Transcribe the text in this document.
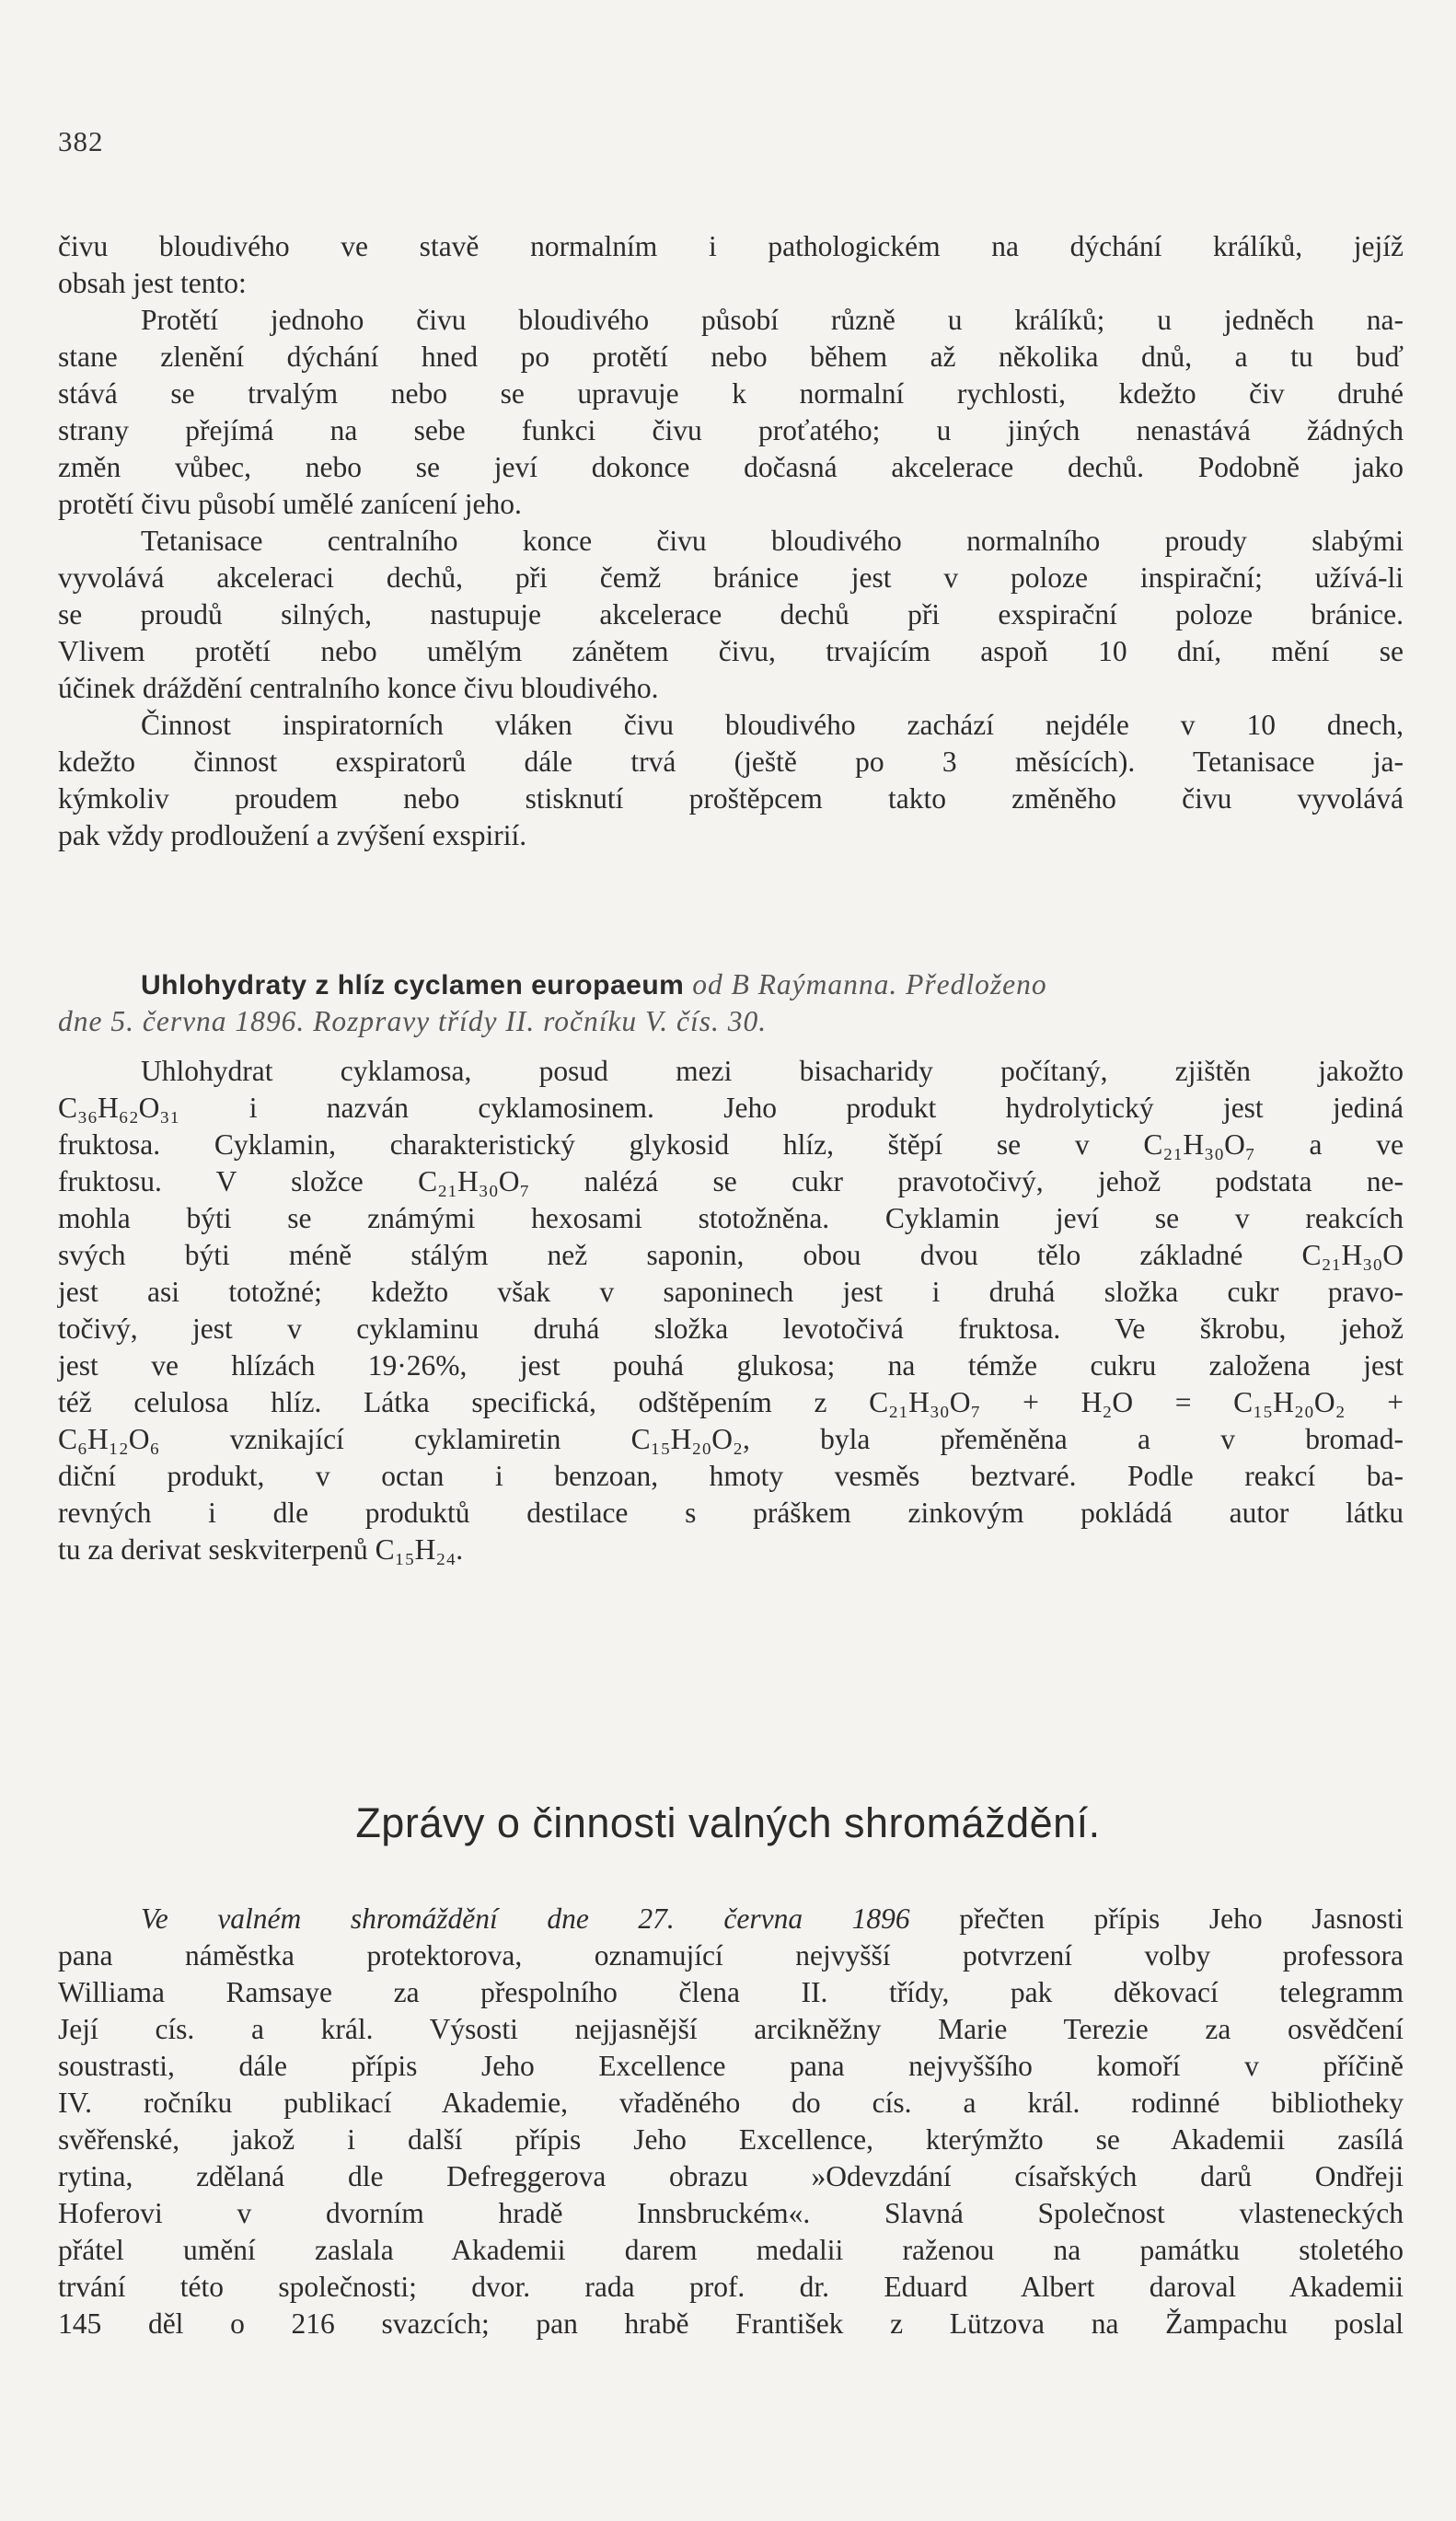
382
čivu bloudivého ve stavě normalním i pathologickém na dýchání králíků, jejíž
obsah jest tento:
Protětí jednoho čivu bloudivého působí různě u králíků; u jedněch na-
stane zlenění dýchání hned po protětí nebo během až několika dnů, a tu buď
stává se trvalým nebo se upravuje k normalní rychlosti, kdežto čiv druhé
strany přejímá na sebe funkci čivu proťatého; u jiných nenastává žádných
změn vůbec, nebo se jeví dokonce dočasná akcelerace dechů. Podobně jako
protětí čivu působí umělé zanícení jeho.
Tetanisace centralního konce čivu bloudivého normalního proudy slabými
vyvolává akceleraci dechů, při čemž bránice jest v poloze inspirační; užívá-li
se proudů silných, nastupuje akcelerace dechů při exspirační poloze bránice.
Vlivem protětí nebo umělým zánětem čivu, trvajícím aspoň 10 dní, mění se
účinek dráždění centralního konce čivu bloudivého.
Činnost inspiratorních vláken čivu bloudivého zachází nejdéle v 10 dnech,
kdežto činnost exspiratorů dále trvá (ještě po 3 měsících). Tetanisace ja-
kýmkoliv proudem nebo stisknutí proštěpcem takto změněho čivu vyvolává
pak vždy prodloužení a zvýšení exspirií.
Uhlohydraty z hlíz cyclamen europaeum od B Raýmanna. Předloženo
dne 5. června 1896. Rozpravy třídy II. ročníku V. čís. 30.
Uhlohydrat cyklamosa, posud mezi bisacharidy počítaný, zjištěn jakožto
C₃₆H₆₂O₃₁ i nazván cyklamosinem. Jeho produkt hydrolytický jest jediná
fruktosa. Cyklamin, charakteristický glykosid hlíz, štěpí se v C₂₁H₃₀O₇ a ve
fruktosu. V složce C₂₁H₃₀O₇ nalézá se cukr pravotočivý, jehož podstata ne-
mohla býti se známými hexosami stotožněna. Cyklamin jeví se v reakcích
svých býti méně stálým než saponin, obou dvou tělo základné C₂₁H₃₀O
jest asi totožné; kdežto však v saponinech jest i druhá složka cukr pravo-
točivý, jest v cyklaminu druhá složka levotočivá fruktosa. Ve škrobu, jehož
jest ve hlízách 19·26%, jest pouhá glukosa; na témže cukru založena jest
též celulosa hlíz. Látka specifická, odštěpením z C₂₁H₃₀O₇ + H₂O = C₁₅H₂₀O₂ +
C₆H₁₂O₆ vznikající cyklamiretin C₁₅H₂₀O₂, byla přeměněna a v bromad-
diční produkt, v octan i benzoan, hmoty vesměs beztvaré. Podle reakcí ba-
revných i dle produktů destilace s práškem zinkovým pokládá autor látku
tu za derivat seskviterpenů C₁₅H₂₄.
Zprávy o činnosti valných shromáždění.
Ve valném shromáždění dne 27. června 1896 přečten přípis Jeho Jasnosti
pana náměstka protektorova, oznamující nejvyšší potvrzení volby professora
Williama Ramsaye za přespolního člena II. třídy, pak děkovací telegramm
Její cís. a král. Výsosti nejjasnější arcikněžny Marie Terezie za osvědčení
soustrasti, dále přípis Jeho Excellence pana nejvyššího komoří v příčině
IV. ročníku publikací Akademie, vřaděného do cís. a král. rodinné bibliotheky
svěřenské, jakož i další přípis Jeho Excellence, kterýmžto se Akademii zasílá
rytina, zdělaná dle Defreggerova obrazu »Odevzdání císařských darů Ondřeji
Hoferovi v dvorním hradě Innsbruckém«. Slavná Společnost vlasteneckých
přátel umění zaslala Akademii darem medalii raženou na památku stoletého
trvání této společnosti; dvor. rada prof. dr. Eduard Albert daroval Akademii
145 děl o 216 svazcích; pan hrabě František z Lützova na Žampachu poslal
